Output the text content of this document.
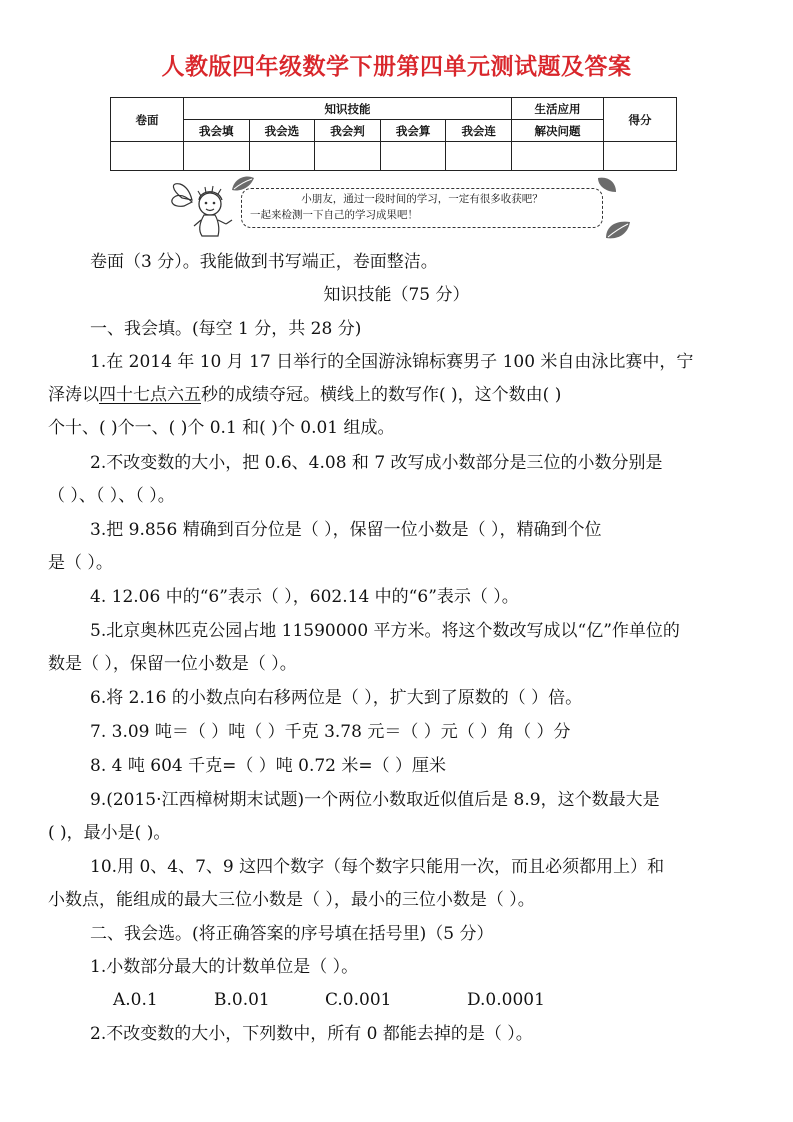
人教版四年级数学下册第四单元测试题及答案
卷面	知识技能					生活应用	得分
	我会填	我会选	我会判	我会算	我会连	解决问题	

小朋友，通过一段时间的学习，一定有很多收获吧？
一起来检测一下自己的学习成果吧！
卷面（3 分）。我能做到书写端正，卷面整洁。
知识技能（75 分）
一、我会填。(每空 1 分，共 28 分)
1.在 2014 年 10 月 17 日举行的全国游泳锦标赛男子 100 米自由泳比赛中，宁
泽涛以四十七点六五秒的成绩夺冠。横线上的数写作( )，这个数由( )
个十、( )个一、( )个 0.1 和( )个 0.01 组成。
2.不改变数的大小，把 0.6、4.08 和 7 改写成小数部分是三位的小数分别是
（ ）、（ ）、（ ）。
3.把 9.856 精确到百分位是（ ），保留一位小数是（ ），精确到个位
是（ ）。
4. 12.06 中的“6”表示（ ），602.14 中的“6”表示（ ）。
5.北京奥林匹克公园占地 11590000 平方米。将这个数改写成以“亿”作单位的
数是（ ），保留一位小数是（ ）。
6.将 2.16 的小数点向右移两位是（ ），扩大到了原数的（ ）倍。
7. 3.09 吨＝（ ）吨（ ）千克 3.78 元＝（ ）元（ ）角（ ）分
8. 4 吨 604 千克=（ ）吨 0.72 米=（ ）厘米
9.(2015·江西樟树期末试题)一个两位小数取近似值后是 8.9，这个数最大是
( )，最小是( )。
10.用 0、4、7、9 这四个数字（每个数字只能用一次，而且必须都用上）和
小数点，能组成的最大三位小数是（ ），最小的三位小数是（ ）。
二、我会选。(将正确答案的序号填在括号里)（5 分）
1.小数部分最大的计数单位是（ ）。
A.0.1	B.0.01	C.0.001	D.0.0001
2.不改变数的大小，下列数中，所有 0 都能去掉的是（ ）。
